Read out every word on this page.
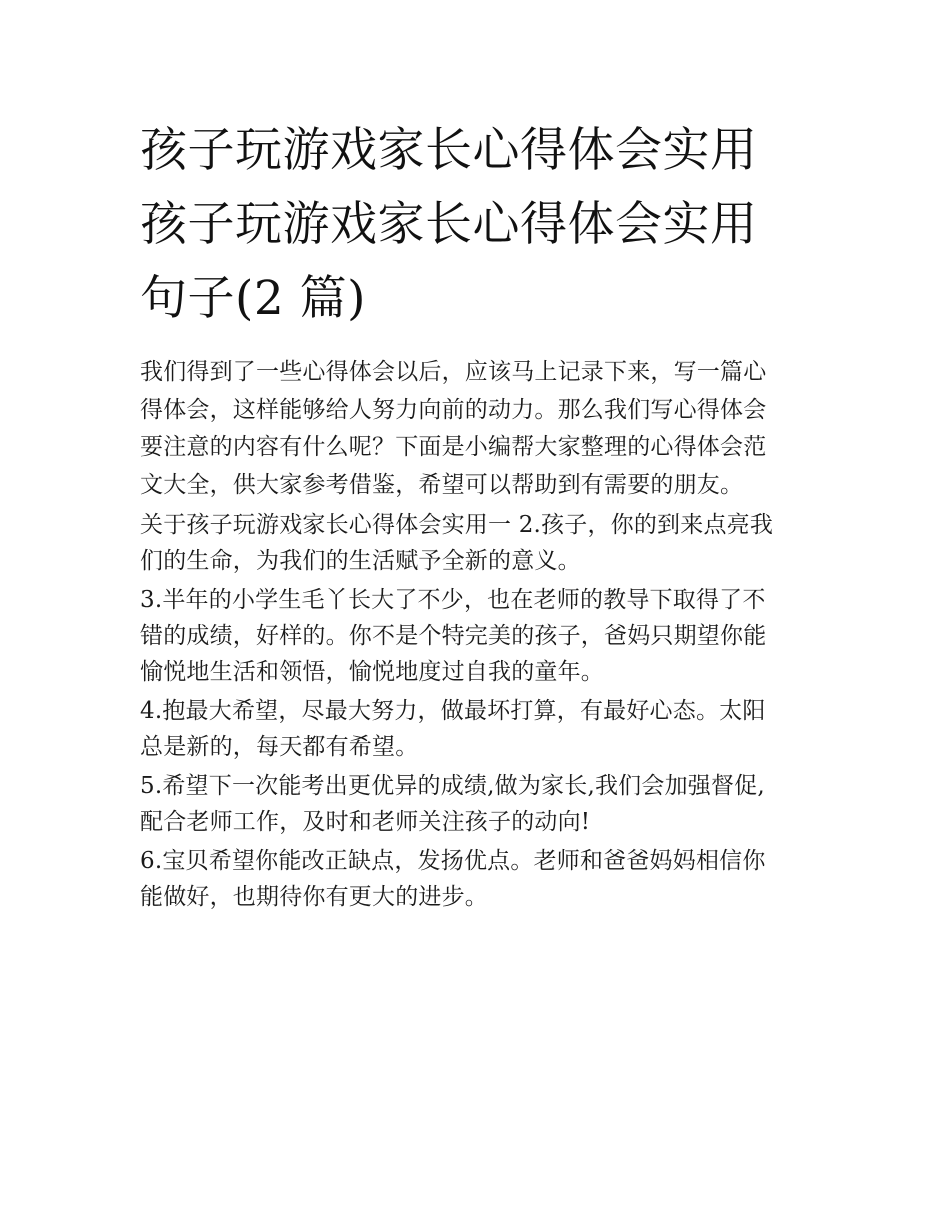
孩子玩游戏家长心得体会实用
孩子玩游戏家长心得体会实用
句子(2 篇)

我们得到了一些心得体会以后，应该马上记录下来，写一篇心
得体会，这样能够给人努力向前的动力。那么我们写心得体会
要注意的内容有什么呢？下面是小编帮大家整理的心得体会范
文大全，供大家参考借鉴，希望可以帮助到有需要的朋友。

关于孩子玩游戏家长心得体会实用一 2.孩子，你的到来点亮我
们的生命，为我们的生活赋予全新的意义。

3.半年的小学生毛丫长大了不少，也在老师的教导下取得了不
错的成绩，好样的。你不是个特完美的孩子，爸妈只期望你能
愉悦地生活和领悟，愉悦地度过自我的童年。

4.抱最大希望，尽最大努力，做最坏打算，有最好心态。太阳
总是新的，每天都有希望。

5.希望下一次能考出更优异的成绩,做为家长,我们会加强督促,
配合老师工作，及时和老师关注孩子的动向!

6.宝贝希望你能改正缺点，发扬优点。老师和爸爸妈妈相信你
能做好，也期待你有更大的进步。
